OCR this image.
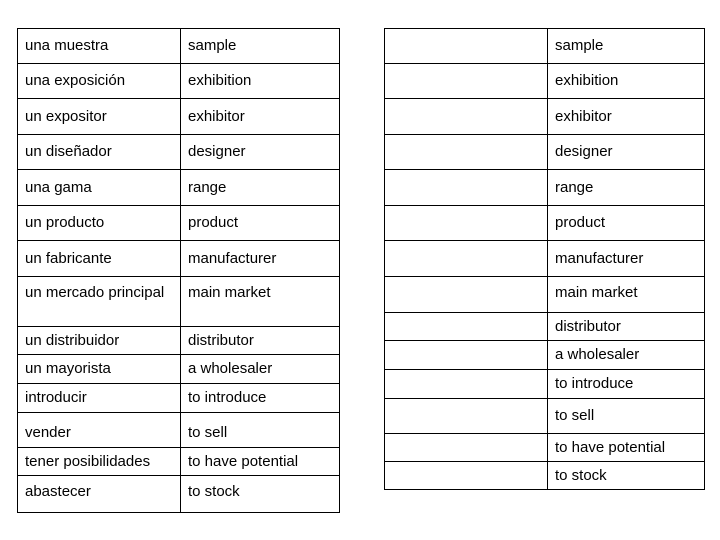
una muestra	sample
una exposición	exhibition
un expositor	exhibitor
un diseñador	designer
una gama	range
un producto	product
un fabricante	manufacturer
un mercado principal	main market
un distribuidor	distributor
un mayorista	a wholesaler
introducir	to introduce
vender	to sell
tener posibilidades	to have potential
abastecer	to stock
	sample
	exhibition
	exhibitor
	designer
	range
	product
	manufacturer
	main market
	distributor
	a wholesaler
	to introduce
	to sell
	to have potential
	to stock
